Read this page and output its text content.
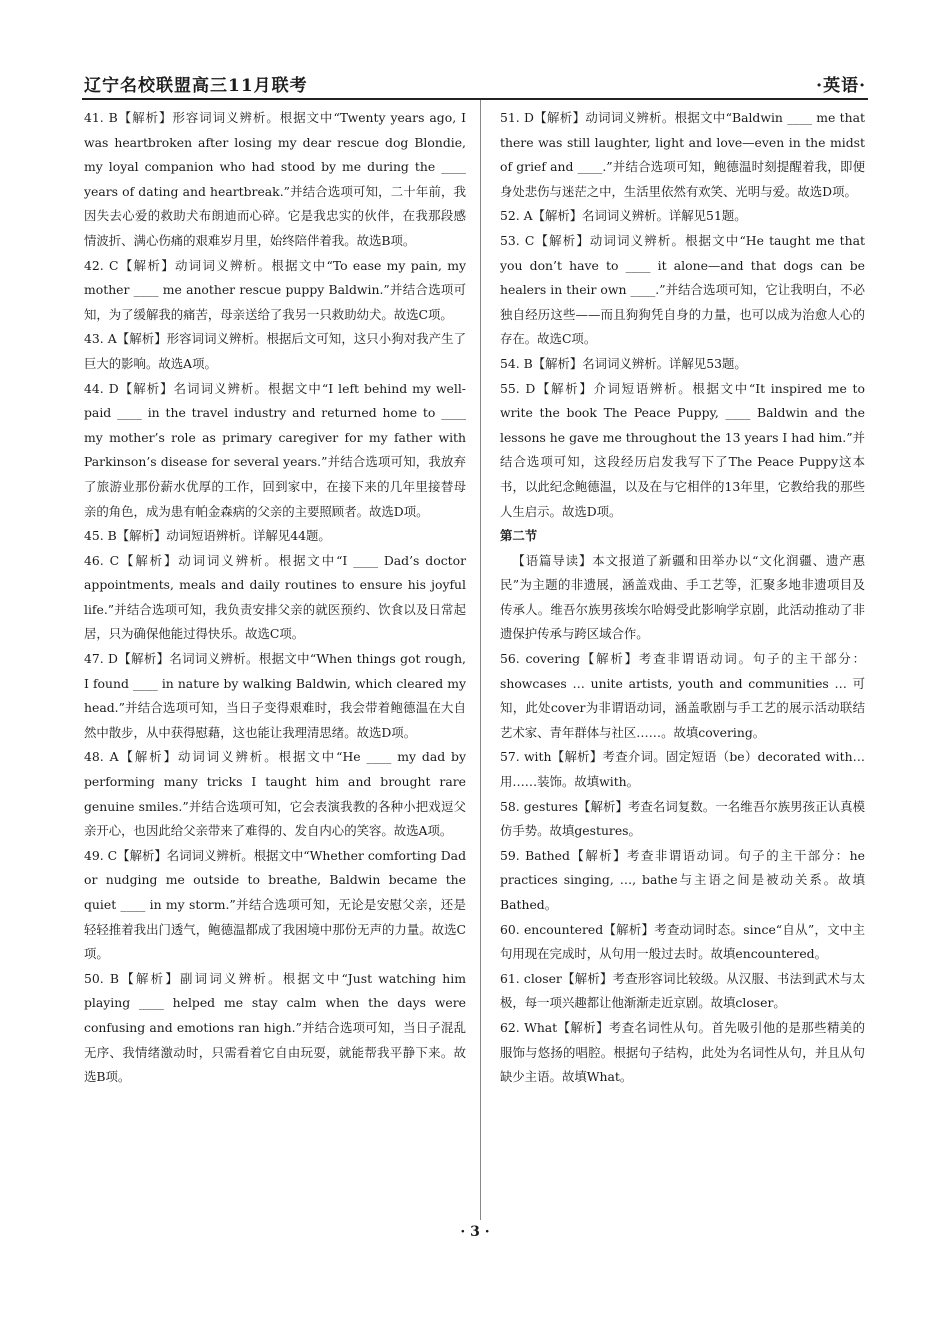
辽宁名校联盟高三11月联考	·英语·
41. B【解析】形容词词义辨析。根据文中“Twenty years ago, I was heartbroken after losing my dear rescue dog Blondie, my loyal companion who had stood by me during the ____ years of dating and heartbreak.”并结合选项可知，二十年前，我因失去心爱的救助犬布朗迪而心碎。它是我忠实的伙伴，在我那段感情波折、满心伤痛的艰难岁月里，始终陪伴着我。故选B项。
42. C【解析】动词词义辨析。根据文中“To ease my pain, my mother ____ me another rescue puppy Baldwin.”并结合选项可知，为了缓解我的痛苦，母亲送给了我另一只救助幼犬。故选C项。
43. A【解析】形容词词义辨析。根据后文可知，这只小狗对我产生了巨大的影响。故选A项。
44. D【解析】名词词义辨析。根据文中“I left behind my well-paid ____ in the travel industry and returned home to ____ my mother’s role as primary caregiver for my father with Parkinson’s disease for several years.”并结合选项可知，我放弃了旅游业那份薪水优厚的工作，回到家中，在接下来的几年里接替母亲的角色，成为患有帕金森病的父亲的主要照顾者。故选D项。
45. B【解析】动词短语辨析。详解见44题。
46. C【解析】动词词义辨析。根据文中“I ____ Dad’s doctor appointments, meals and daily routines to ensure his joyful life.”并结合选项可知，我负责安排父亲的就医预约、饮食以及日常起居，只为确保他能过得快乐。故选C项。
47. D【解析】名词词义辨析。根据文中“When things got rough, I found ____ in nature by walking Baldwin, which cleared my head.”并结合选项可知，当日子变得艰难时，我会带着鲍德温在大自然中散步，从中获得慰藉，这也能让我理清思绪。故选D项。
48. A【解析】动词词义辨析。根据文中“He ____ my dad by performing many tricks I taught him and brought rare genuine smiles.”并结合选项可知，它会表演我教的各种小把戏逗父亲开心，也因此给父亲带来了难得的、发自内心的笑容。故选A项。
49. C【解析】名词词义辨析。根据文中“Whether comforting Dad or nudging me outside to breathe, Baldwin became the quiet ____ in my storm.”并结合选项可知，无论是安慰父亲，还是轻轻推着我出门透气，鲍德温都成了我困境中那份无声的力量。故选C项。
50. B【解析】副词词义辨析。根据文中“Just watching him playing ____ helped me stay calm when the days were confusing and emotions ran high.”并结合选项可知，当日子混乱无序、我情绪激动时，只需看着它自由玩耍，就能帮我平静下来。故选B项。
51. D【解析】动词词义辨析。根据文中“Baldwin ____ me that there was still laughter, light and love—even in the midst of grief and ____.”并结合选项可知，鲍德温时刻提醒着我，即便身处悲伤与迷茫之中，生活里依然有欢笑、光明与爱。故选D项。
52. A【解析】名词词义辨析。详解见51题。
53. C【解析】动词词义辨析。根据文中“He taught me that you don’t have to ____ it alone—and that dogs can be healers in their own ____.”并结合选项可知，它让我明白，不必独自经历这些——而且狗狗凭自身的力量，也可以成为治愈人心的存在。故选C项。
54. B【解析】名词词义辨析。详解见53题。
55. D【解析】介词短语辨析。根据文中“It inspired me to write the book The Peace Puppy, ____ Baldwin and the lessons he gave me throughout the 13 years I had him.”并结合选项可知，这段经历启发我写下了The Peace Puppy这本书，以此纪念鲍德温，以及在与它相伴的13年里，它教给我的那些人生启示。故选D项。
第二节
【语篇导读】本文报道了新疆和田举办以“文化润疆、遗产惠民”为主题的非遗展，涵盖戏曲、手工艺等，汇聚多地非遗项目及传承人。维吾尔族男孩埃尔哈姆受此影响学京剧，此活动推动了非遗保护传承与跨区域合作。
56. covering【解析】考查非谓语动词。句子的主干部分：showcases … unite artists, youth and communities … 可知，此处cover为非谓语动词，涵盖歌剧与手工艺的展示活动联结艺术家、青年群体与社区……。故填covering。
57. with【解析】考查介词。固定短语（be）decorated with…用……装饰。故填with。
58. gestures【解析】考查名词复数。一名维吾尔族男孩正认真模仿手势。故填gestures。
59. Bathed【解析】考查非谓语动词。句子的主干部分：he practices singing, …, bathe与主语之间是被动关系。故填Bathed。
60. encountered【解析】考查动词时态。since“自从”，文中主句用现在完成时，从句用一般过去时。故填encountered。
61. closer【解析】考查形容词比较级。从汉服、书法到武术与太极，每一项兴趣都让他渐渐走近京剧。故填closer。
62. What【解析】考查名词性从句。首先吸引他的是那些精美的服饰与悠扬的唱腔。根据句子结构，此处为名词性从句，并且从句缺少主语。故填What。
· 3 ·
